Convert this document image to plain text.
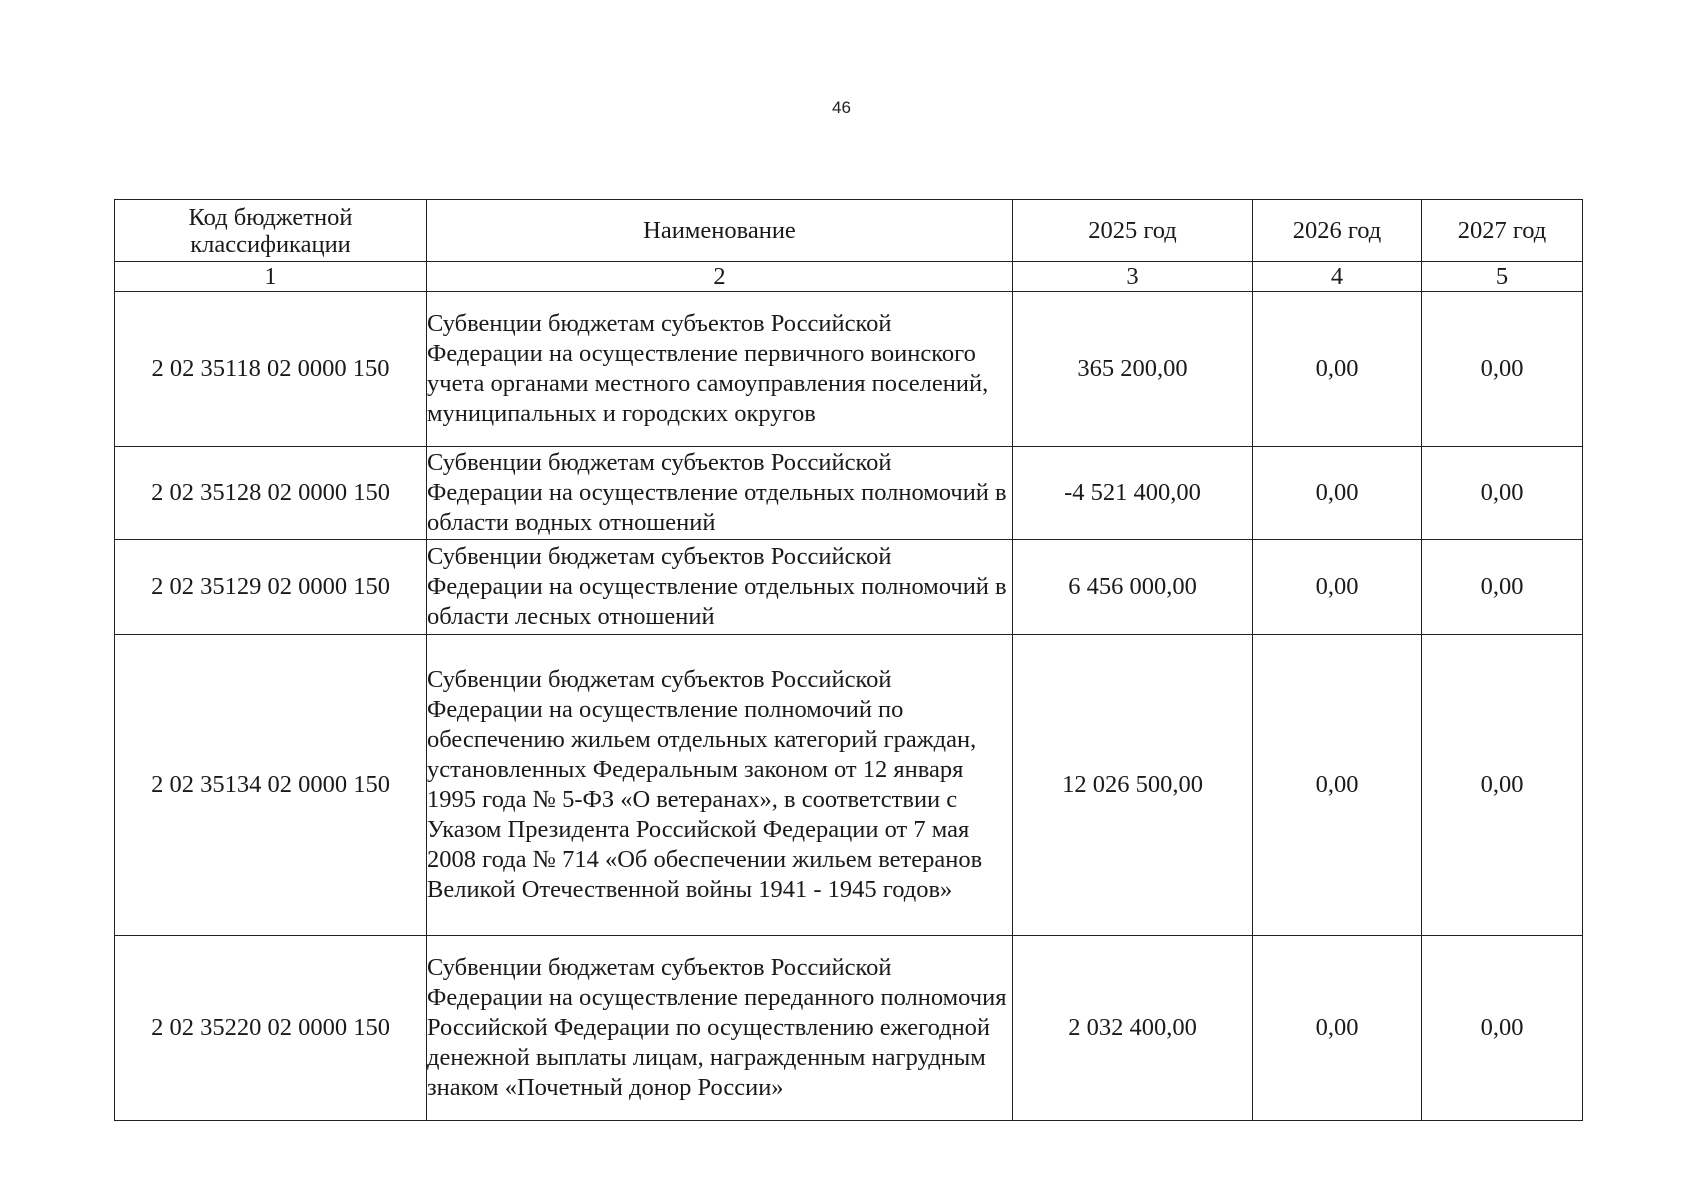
46
Код бюджетной классификации	Наименование	2025 год	2026 год	2027 год
1	2	3	4	5
2 02 35118 02 0000 150	Субвенции бюджетам субъектов Российской Федерации на осуществление первичного воинского учета органами местного самоуправления поселений, муниципальных и городских округов	365 200,00	0,00	0,00
2 02 35128 02 0000 150	Субвенции бюджетам субъектов Российской Федерации на осуществление отдельных полномочий в области водных отношений	-4 521 400,00	0,00	0,00
2 02 35129 02 0000 150	Субвенции бюджетам субъектов Российской Федерации на осуществление отдельных полномочий в области лесных отношений	6 456 000,00	0,00	0,00
2 02 35134 02 0000 150	Субвенции бюджетам субъектов Российской Федерации на осуществление полномочий по обеспечению жильем отдельных категорий граждан, установленных Федеральным законом от 12 января 1995 года № 5-ФЗ «О ветеранах», в соответствии с Указом Президента Российской Федерации от 7 мая 2008 года № 714 «Об обеспечении жильем ветеранов Великой Отечественной войны 1941 - 1945 годов»	12 026 500,00	0,00	0,00
2 02 35220 02 0000 150	Субвенции бюджетам субъектов Российской Федерации на осуществление переданного полномочия Российской Федерации по осуществлению ежегодной денежной выплаты лицам, награжденным нагрудным знаком «Почетный донор России»	2 032 400,00	0,00	0,00
